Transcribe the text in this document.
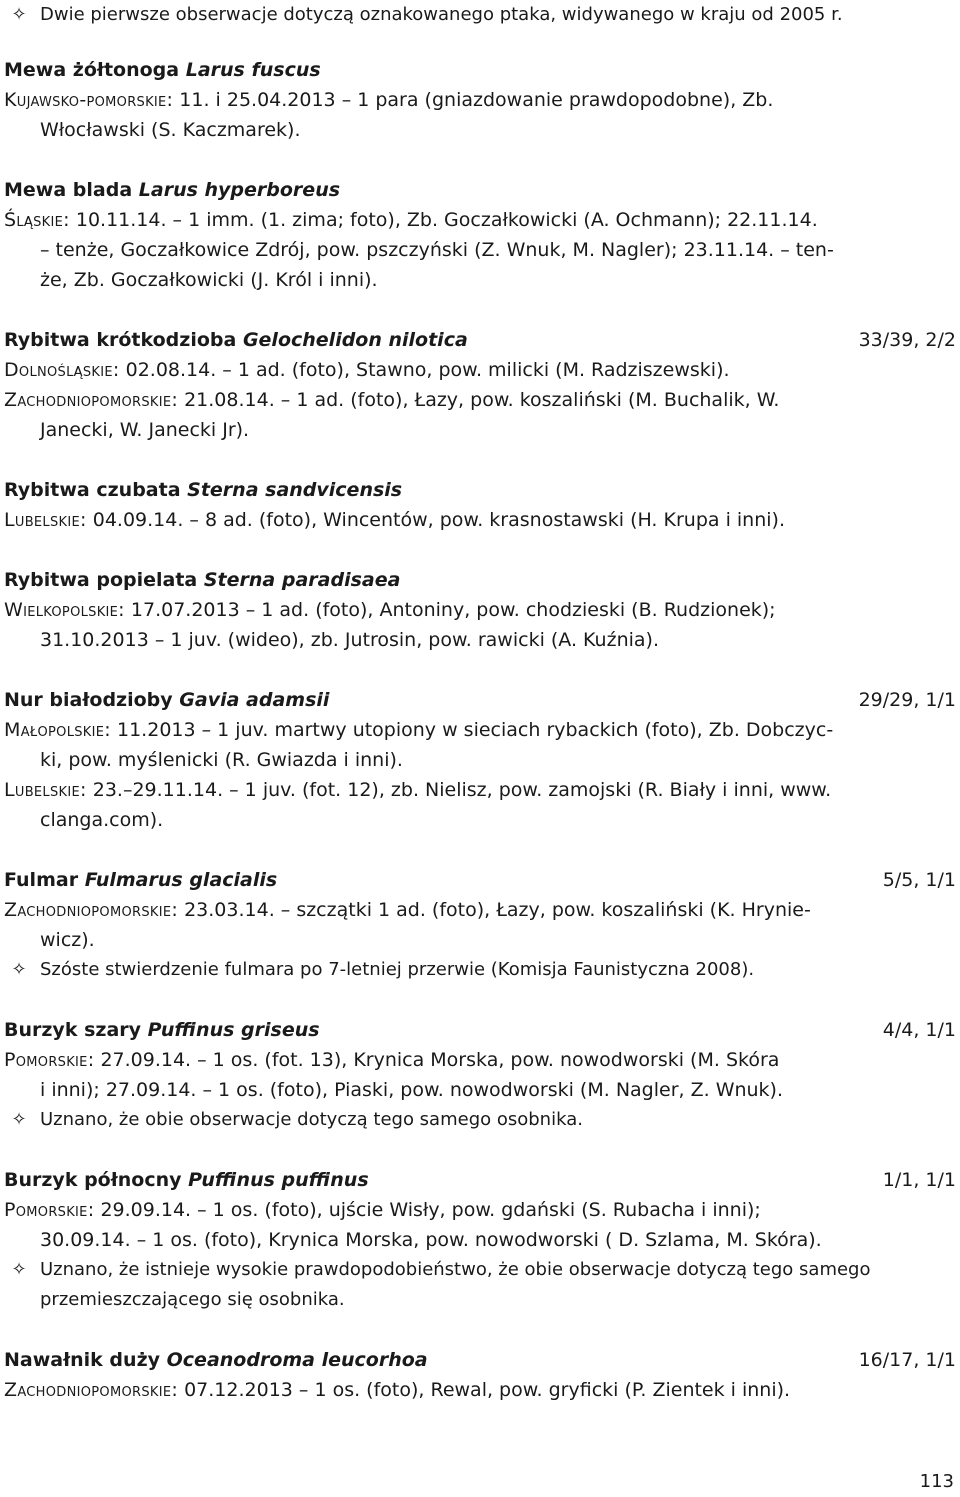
✧ Dwie pierwsze obserwacje dotyczą oznakowanego ptaka, widywanego w kraju od 2005 r.
Mewa żółtonoga Larus fuscus
Kujawsko-pomorskie: 11. i 25.04.2013 – 1 para (gniazdowanie prawdopodobne), Zb.
Włocławski (S. Kaczmarek).
Mewa blada Larus hyperboreus
Śląskie: 10.11.14. – 1 imm. (1. zima; foto), Zb. Goczałkowicki (A. Ochmann); 22.11.14.
– tenże, Goczałkowice Zdrój, pow. pszczyński (Z. Wnuk, M. Nagler); 23.11.14. – ten-
że, Zb. Goczałkowicki (J. Król i inni).
Rybitwa krótkodzioba Gelochelidon nilotica	33/39, 2/2
Dolnośląskie: 02.08.14. – 1 ad. (foto), Stawno, pow. milicki (M. Radziszewski).
Zachodniopomorskie: 21.08.14. – 1 ad. (foto), Łazy, pow. koszaliński (M. Buchalik, W.
Janecki, W. Janecki Jr).
Rybitwa czubata Sterna sandvicensis
Lubelskie: 04.09.14. – 8 ad. (foto), Wincentów, pow. krasnostawski (H. Krupa i inni).
Rybitwa popielata Sterna paradisaea
Wielkopolskie: 17.07.2013 – 1 ad. (foto), Antoniny, pow. chodzieski (B. Rudzionek);
31.10.2013 – 1 juv. (wideo), zb. Jutrosin, pow. rawicki (A. Kuźnia).
Nur białodzioby Gavia adamsii	29/29, 1/1
Małopolskie: 11.2013 – 1 juv. martwy utopiony w sieciach rybackich (foto), Zb. Dobczyc-
ki, pow. myślenicki (R. Gwiazda i inni).
Lubelskie: 23.–29.11.14. – 1 juv. (fot. 12), zb. Nielisz, pow. zamojski (R. Biały i inni, www.
clanga.com).
Fulmar Fulmarus glacialis	5/5, 1/1
Zachodniopomorskie: 23.03.14. – szczątki 1 ad. (foto), Łazy, pow. koszaliński (K. Hrynie-
wicz).
✧ Szóste stwierdzenie fulmara po 7-letniej przerwie (Komisja Faunistyczna 2008).
Burzyk szary Puffinus griseus	4/4, 1/1
Pomorskie: 27.09.14. – 1 os. (fot. 13), Krynica Morska, pow. nowodworski (M. Skóra
i inni); 27.09.14. – 1 os. (foto), Piaski, pow. nowodworski (M. Nagler, Z. Wnuk).
✧ Uznano, że obie obserwacje dotyczą tego samego osobnika.
Burzyk północny Puffinus puffinus	1/1, 1/1
Pomorskie: 29.09.14. – 1 os. (foto), ujście Wisły, pow. gdański (S. Rubacha i inni);
30.09.14. – 1 os. (foto), Krynica Morska, pow. nowodworski ( D. Szlama, M. Skóra).
✧ Uznano, że istnieje wysokie prawdopodobieństwo, że obie obserwacje dotyczą tego samego
przemieszczającego się osobnika.
Nawałnik duży Oceanodroma leucorhoa	16/17, 1/1
Zachodniopomorskie: 07.12.2013 – 1 os. (foto), Rewal, pow. gryficki (P. Zientek i inni).
113
